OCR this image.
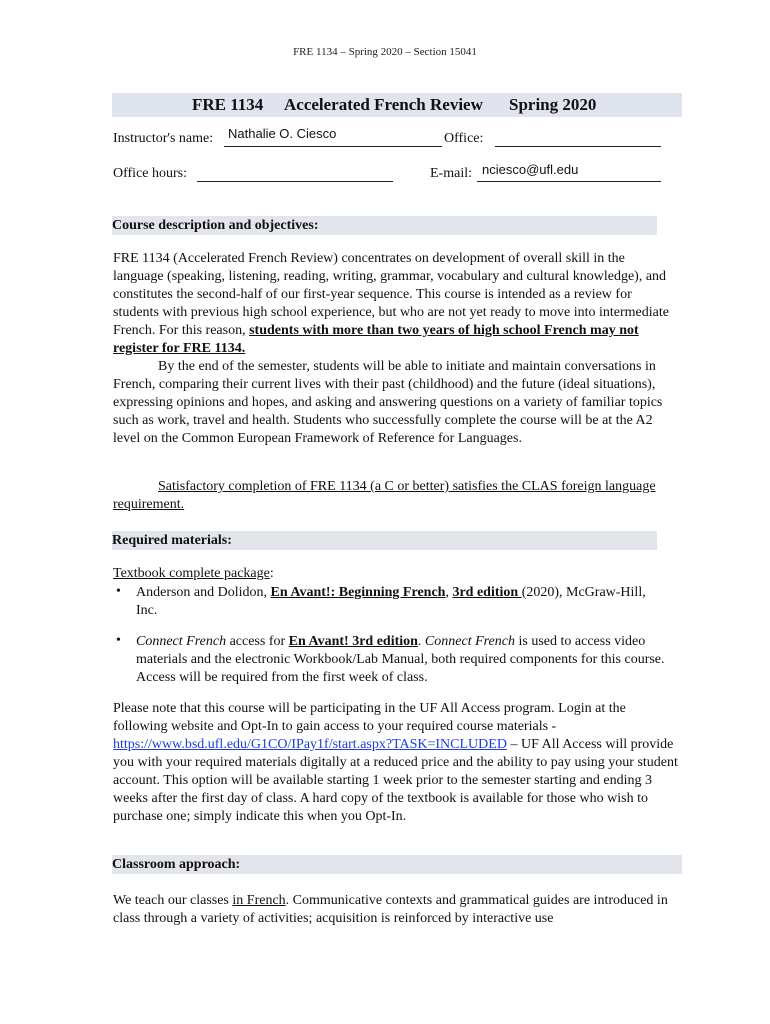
FRE 1134 – Spring 2020 – Section 15041

FRE 1134

Accelerated French Review

Spring 2020

Instructor's name: Nathalie O. Ciesco	Office:
Office hours:	E-mail: nciesco@ufl.edu
Course description and objectives:
FRE 1134 (Accelerated French Review) concentrates on development of overall skill in the language (speaking, listening, reading, writing, grammar, vocabulary and cultural knowledge), and constitutes the second-half of our first-year sequence. This course is intended as a review for students with previous high school experience, but who are not yet ready to move into intermediate French. For this reason, students with more than two years of high school French may not register for FRE 1134.
By the end of the semester, students will be able to initiate and maintain conversations in French, comparing their current lives with their past (childhood) and the future (ideal situations), expressing opinions and hopes, and asking and answering questions on a variety of familiar topics such as work, travel and health. Students who successfully complete the course will be at the A2 level on the Common European Framework of Reference for Languages.
Satisfactory completion of FRE 1134 (a C or better) satisfies the CLAS foreign language requirement.
Required materials:
Textbook complete package:
• Anderson and Dolidon, En Avant!: Beginning French, 3rd edition (2020), McGraw-Hill, Inc.
• Connect French access for En Avant! 3rd edition. Connect French is used to access video materials and the electronic Workbook/Lab Manual, both required components for this course. Access will be required from the first week of class.
Please note that this course will be participating in the UF All Access program. Login at the following website and Opt-In to gain access to your required course materials - https://www.bsd.ufl.edu/G1CO/IPay1f/start.aspx?TASK=INCLUDED – UF All Access will provide you with your required materials digitally at a reduced price and the ability to pay using your student account. This option will be available starting 1 week prior to the semester starting and ending 3 weeks after the first day of class. A hard copy of the textbook is available for those who wish to purchase one; simply indicate this when you Opt-In.
Classroom approach:
We teach our classes in French. Communicative contexts and grammatical guides are introduced in class through a variety of activities; acquisition is reinforced by interactive use
